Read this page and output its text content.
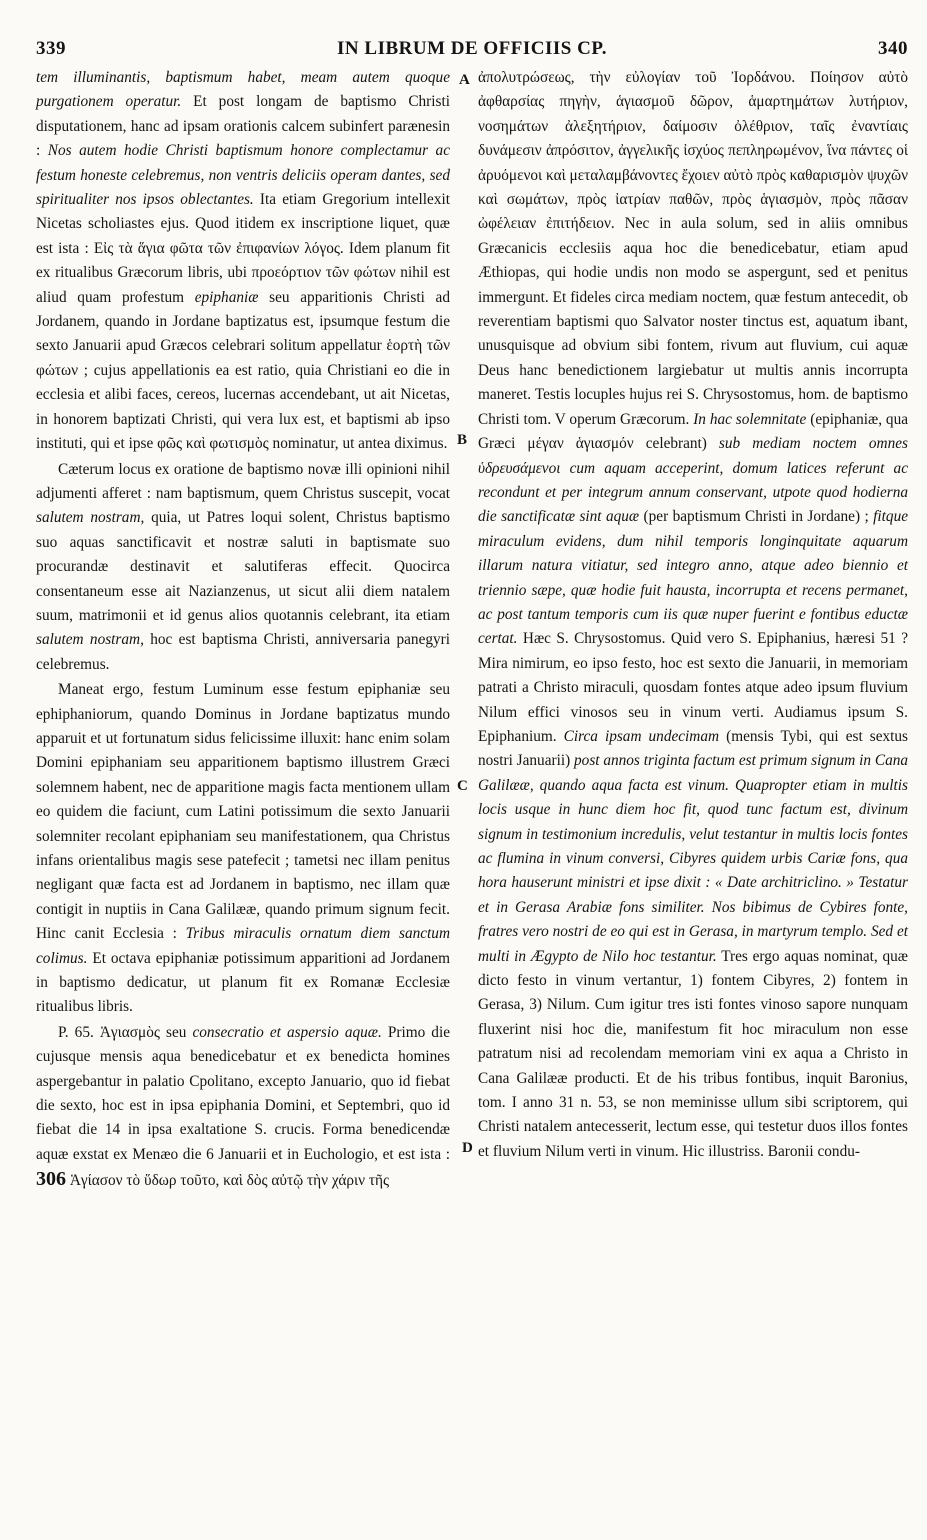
339	IN LIBRUM DE OFFICIIS CP.	340

tem illuminantis, baptismum habet, meam autem quoque purgationem operatur. Et post longam de baptismo Christi disputationem, hanc ad ipsam orationis calcem subinfert parænesin : Nos autem hodie Christi baptismum honore complectamur ac festum honeste celebremus, non ventris deliciis operam dantes, sed spiritualiter nos ipsos oblectantes. Ita etiam Gregorium intellexit Nicetas scholiastes ejus. Quod itidem ex inscriptione liquet, quæ est ista : Εἰς τὰ ἅγια φῶτα τῶν ἐπιφανίων λόγος. Idem planum fit ex ritualibus Græcorum libris, ubi προεόρτιον τῶν φώτων nihil est aliud quam profestum epiphaniæ seu apparitionis Christi ad Jordanem, quando in Jordane baptizatus est, ipsumque festum die sexto Januarii apud Græcos celebrari solitum appellatur ἑορτὴ τῶν φώτων ; cujus appellationis ea est ratio, quia Christiani eo die in ecclesia et alibi faces, cereos, lucernas accendebant, ut ait Nicetas, in honorem baptizati Christi, qui vera lux est, et baptismi ab ipso instituti, qui et ipse φῶς καὶ φωτισμὸς nominatur, ut antea diximus.

Cæterum locus ex oratione de baptismo novæ illi opinioni nihil adjumenti afferet : nam baptismum, quem Christus suscepit, vocat salutem nostram, quia, ut Patres loqui solent, Christus baptismo suo aquas sanctificavit et nostræ saluti in baptismate suo procurandæ destinavit et salutiferas effecit. Quocirca consentaneum esse ait Nazianzenus, ut sicut alii diem natalem suum, matrimonii et id genus alios quotannis celebrant, ita etiam salutem nostram, hoc est baptisma Christi, anniversaria panegyri celebremus.

Maneat ergo, festum Luminum esse festum epiphaniæ seu ephiphaniorum, quando Dominus in Jordane baptizatus mundo apparuit et ut fortunatum sidus felicissime illuxit: hanc enim solam Domini epiphaniam seu apparitionem baptismo illustrem Græci solemnem habent, nec de apparitione magis facta mentionem ullam eo quidem die faciunt, cum Latini potissimum die sexto Januarii solemniter recolant epiphaniam seu manifestationem, qua Christus infans orientalibus magis sese patefecit ; tametsi nec illam penitus negligant quæ facta est ad Jordanem in baptismo, nec illam quæ contigit in nuptiis in Cana Galilææ, quando primum signum fecit. Hinc canit Ecclesia : Tribus miraculis ornatum diem sanctum colimus. Et octava epiphaniæ potissimum apparitioni ad Jordanem in baptismo dedicatur, ut planum fit ex Romanæ Ecclesiæ ritualibus libris.

P. 65. Ἁγιασμὸς seu consecratio et aspersio aquæ. Primo die cujusque mensis aqua benedicebatur et ex benedicta homines aspergebantur in palatio Cpolitano, excepto Januario, quo id fiebat die sexto, hoc est in ipsa epiphania Domini, et Septembri, quo id fiebat die 14 in ipsa exaltatione S. crucis. Forma benedicendæ aquæ exstat ex Menæo die 6 Januarii et in Euchologio, et est ista : 306 Ἁγίασον τὸ ὕδωρ τοῦτο, καὶ δὸς αὐτῷ τὴν χάριν τῆς

ἀπολυτρώσεως, τὴν εὐλογίαν τοῦ Ἰορδάνου. Ποίησον αὐτὸ ἀφθαρσίας πηγὴν, ἁγιασμοῦ δῶρον, ἁμαρτημάτων λυτήριον, νοσημάτων ἀλεξητήριον, δαίμοσιν ὀλέθριον, ταῖς ἐναντίαις δυνάμεσιν ἀπρόσιτον, ἀγγελικῆς ἰσχύος πεπληρωμένον, ἵνα πάντες οἱ ἀρυόμενοι καὶ μεταλαμβάνοντες ἔχοιεν αὐτὸ πρὸς καθαρισμὸν ψυχῶν καὶ σωμάτων, πρὸς ἰατρίαν παθῶν, πρὸς ἁγιασμὸν, πρὸς πᾶσαν ὠφέλειαν ἐπιτήδειον. Nec in aula solum, sed in aliis omnibus Græcanicis ecclesiis aqua hoc die benedicebatur, etiam apud Æthiopas, qui hodie undis non modo se aspergunt, sed et penitus immergunt. Et fideles circa mediam noctem, quæ festum antecedit, ob reverentiam baptismi quo Salvator noster tinctus est, aquatum ibant, unusquisque ad obvium sibi fontem, rivum aut fluvium, cui aquæ Deus hanc benedictionem largiebatur ut multis annis incorrupta maneret. Testis locuples hujus rei S. Chrysostomus, hom. de baptismo Christi tom. V operum Græcorum. In hac solemnitate (epiphaniæ, qua Græci μέγαν ἁγιασμόν celebrant) sub mediam noctem omnes ὑδρευσάμενοι cum aquam acceperint, domum latices referunt ac recondunt et per integrum annum conservant, utpote quod hodierna die sanctificatæ sint aquæ (per baptismum Christi in Jordane) ; fitque miraculum evidens, dum nihil temporis longinquitate aquarum illarum natura vitiatur, sed integro anno, atque adeo biennio et triennio sæpe, quæ hodie fuit hausta, incorrupta et recens permanet, ac post tantum temporis cum iis quæ nuper fuerint e fontibus eductæ certat. Hæc S. Chrysostomus. Quid vero S. Epiphanius, hæresi 51 ? Mira nimirum, eo ipso festo, hoc est sexto die Januarii, in memoriam patrati a Christo miraculi, quosdam fontes atque adeo ipsum fluvium Nilum effici vinosos seu in vinum verti. Audiamus ipsum S. Epiphanium. Circa ipsam undecimam (mensis Tybi, qui est sextus nostri Januarii) post annos triginta factum est primum signum in Cana Galilææ, quando aqua facta est vinum. Quapropter etiam in multis locis usque in hunc diem hoc fit, quod tunc factum est, divinum signum in testimonium incredulis, velut testantur in multis locis fontes ac flumina in vinum conversi, Cibyres quidem urbis Cariæ fons, qua hora hauserunt ministri et ipse dixit : « Date architriclino. » Testatur et in Gerasa Arabiæ fons similiter. Nos bibimus de Cybires fonte, fratres vero nostri de eo qui est in Gerasa, in martyrum templo. Sed et multi in Ægypto de Nilo hoc testantur. Tres ergo aquas nominat, quæ dicto festo in vinum vertantur, 1) fontem Cibyres, 2) fontem in Gerasa, 3) Nilum. Cum igitur tres isti fontes vinoso sapore nunquam fluxerint nisi hoc die, manifestum fit hoc miraculum non esse patratum nisi ad recolendam memoriam vini ex aqua a Christo in Cana Galilææ producti. Et de his tribus fontibus, inquit Baronius, tom. I anno 31 n. 53, se non meminisse ullum sibi scriptorem, qui Christi natalem antecesserit, lectum esse, qui testetur duos illos fontes et fluvium Nilum verti in vinum. Hic illustriss. Baronii condu-

A
B
C
D
